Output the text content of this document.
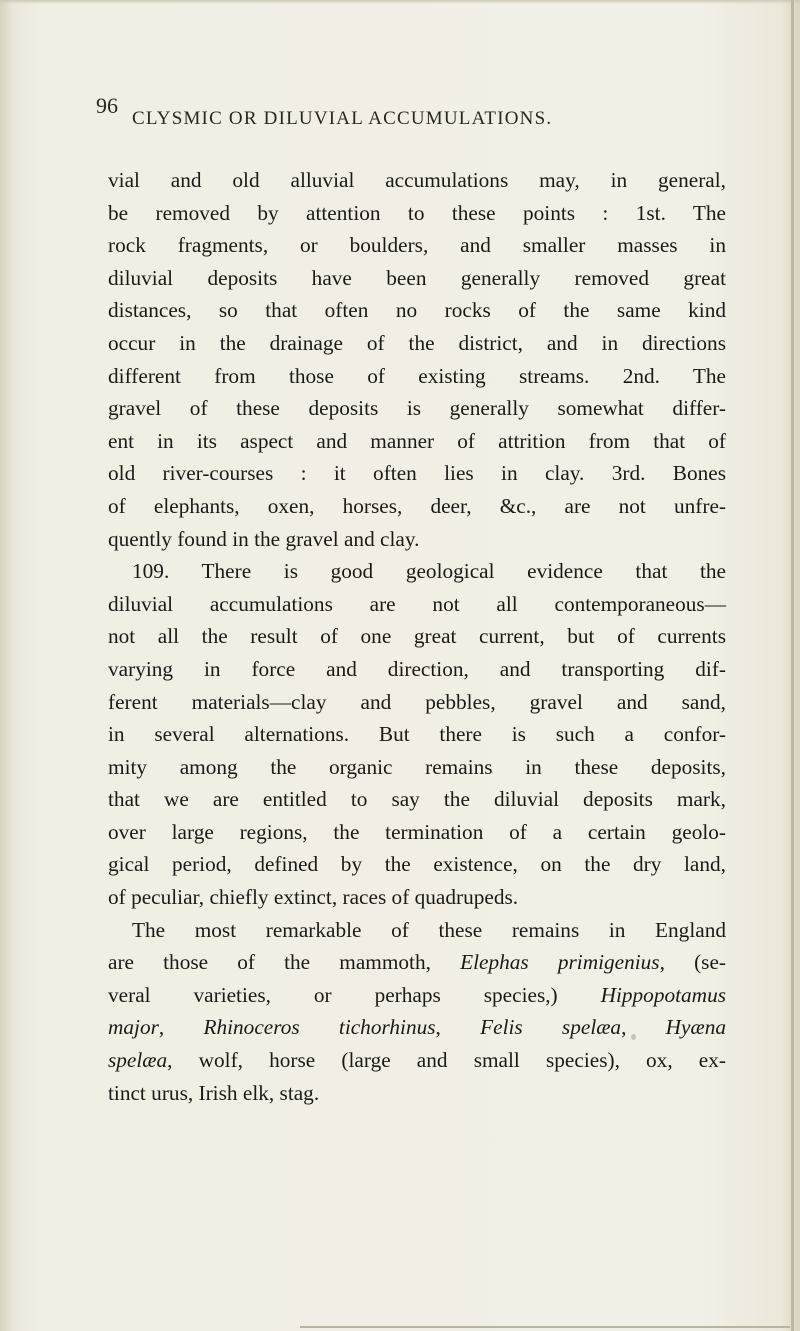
96
CLYSMIC OR DILUVIAL ACCUMULATIONS.
vial and old alluvial accumulations may, in general,
be removed by attention to these points : 1st. The
rock fragments, or boulders, and smaller masses in
diluvial deposits have been generally removed great
distances, so that often no rocks of the same kind
occur in the drainage of the district, and in directions
different from those of existing streams. 2nd. The
gravel of these deposits is generally somewhat differ-
ent in its aspect and manner of attrition from that of
old river-courses : it often lies in clay. 3rd. Bones
of elephants, oxen, horses, deer, &c., are not unfre-
quently found in the gravel and clay.
109. There is good geological evidence that the
diluvial accumulations are not all contemporaneous—
not all the result of one great current, but of currents
varying in force and direction, and transporting dif-
ferent materials—clay and pebbles, gravel and sand,
in several alternations. But there is such a confor-
mity among the organic remains in these deposits,
that we are entitled to say the diluvial deposits mark,
over large regions, the termination of a certain geolo-
gical period, defined by the existence, on the dry land,
of peculiar, chiefly extinct, races of quadrupeds.
The most remarkable of these remains in England
are those of the mammoth, Elephas primigenius, (se-
veral varieties, or perhaps species,) Hippopotamus
major, Rhinoceros tichorhinus, Felis spelæa, Hyæna
spelæa, wolf, horse (large and small species), ox, ex-
tinct urus, Irish elk, stag.
